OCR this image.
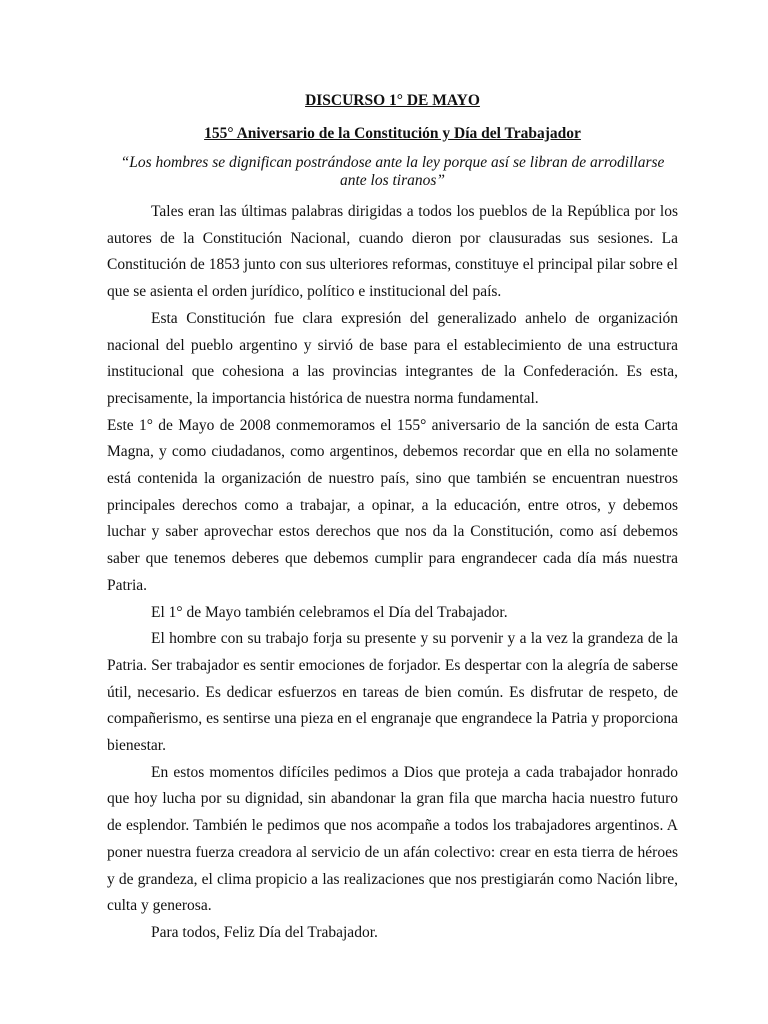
DISCURSO 1° DE MAYO
155° Aniversario de la Constitución y Día del Trabajador
“Los hombres se dignifican postrándose ante la ley porque así se libran de arrodillarse ante los tiranos”

Tales eran las últimas palabras dirigidas a todos los pueblos de la República por los autores de la Constitución Nacional, cuando dieron por clausuradas sus sesiones. La Constitución de 1853 junto con sus ulteriores reformas, constituye el principal pilar sobre el que se asienta el orden jurídico, político e institucional del país.

Esta Constitución fue clara expresión del generalizado anhelo de organización nacional del pueblo argentino y sirvió de base para el establecimiento de una estructura institucional que cohesiona a las provincias integrantes de la Confederación. Es esta, precisamente, la importancia histórica de nuestra norma fundamental.

Este 1° de Mayo de 2008 conmemoramos el 155° aniversario de la sanción de esta Carta Magna, y como ciudadanos, como argentinos, debemos recordar que en ella no solamente está contenida la organización de nuestro país, sino que también se encuentran nuestros principales derechos como a trabajar, a opinar, a la educación, entre otros, y debemos luchar y saber aprovechar estos derechos que nos da la Constitución, como así debemos saber que tenemos deberes que debemos cumplir para engrandecer cada día más nuestra Patria.

El 1° de Mayo también celebramos el Día del Trabajador.

El hombre con su trabajo forja su presente y su porvenir y a la vez la grandeza de la Patria. Ser trabajador es sentir emociones de forjador. Es despertar con la alegría de saberse útil, necesario. Es dedicar esfuerzos en tareas de bien común. Es disfrutar de respeto, de compañerismo, es sentirse una pieza en el engranaje que engrandece la Patria y proporciona bienestar.

En estos momentos difíciles pedimos a Dios que proteja a cada trabajador honrado que hoy lucha por su dignidad, sin abandonar la gran fila que marcha hacia nuestro futuro de esplendor. También le pedimos que nos acompañe a todos los trabajadores argentinos. A poner nuestra fuerza creadora al servicio de un afán colectivo: crear en esta tierra de héroes y de grandeza, el clima propicio a las realizaciones que nos prestigiarán como Nación libre, culta y generosa.

Para todos, Feliz Día del Trabajador.
